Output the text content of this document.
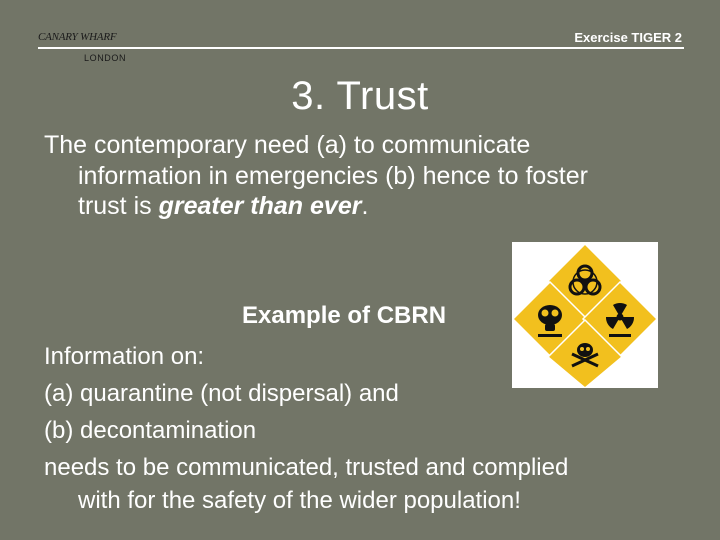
CANARY WHARF
LONDON
Exercise TIGER 2
3. Trust
The contemporary need (a) to communicate
information in emergencies (b) hence to foster
trust is greater than ever.
Example of CBRN
Information on:
(a) quarantine (not dispersal) and
(b) decontamination
needs to be communicated, trusted and complied
with for the safety of the wider population!
